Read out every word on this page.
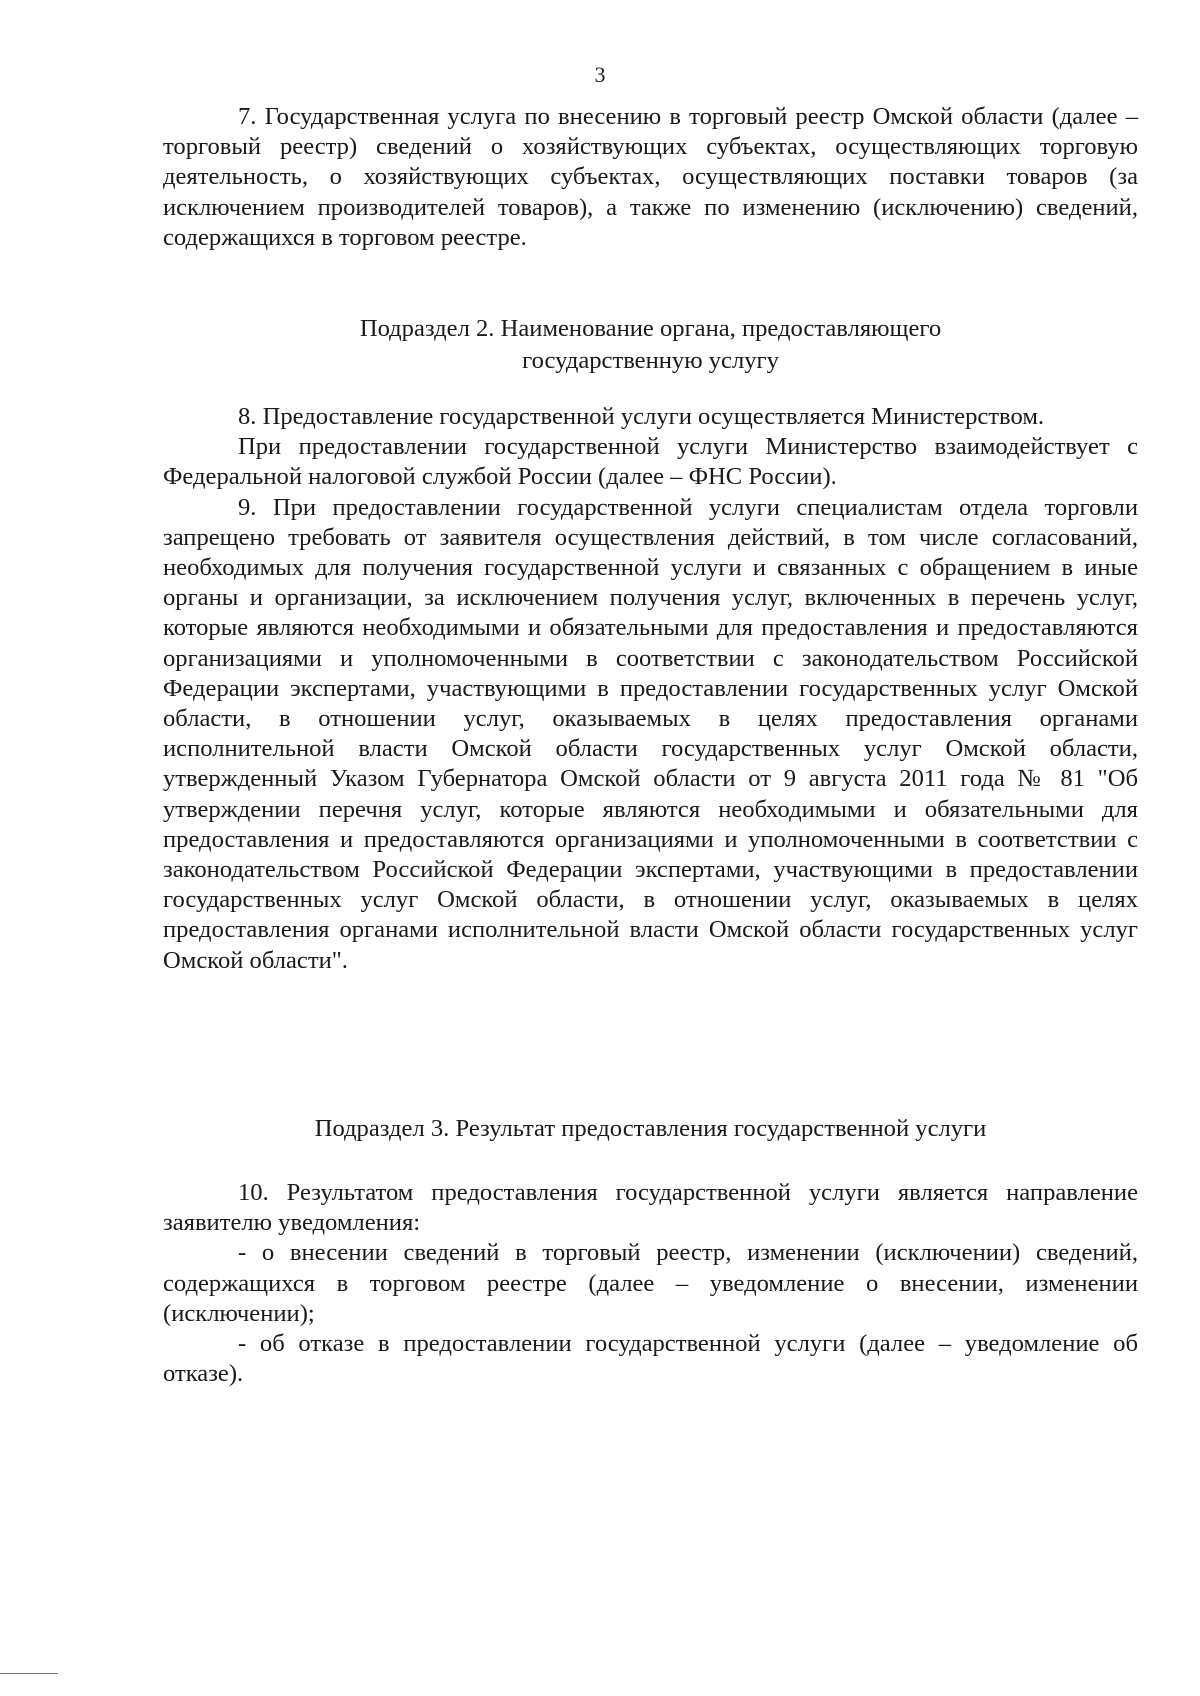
3

7. Государственная услуга по внесению в торговый реестр Омской области (далее – торговый реестр) сведений о хозяйствующих субъектах, осуществляющих торговую деятельность, о хозяйствующих субъектах, осуществляющих поставки товаров (за исключением производителей товаров), а также по изменению (исключению) сведений, содержащихся в торговом реестре.

Подраздел 2. Наименование органа, предоставляющего
государственную услугу

8. Предоставление государственной услуги осуществляется Министерством.

При предоставлении государственной услуги Министерство взаимодействует с Федеральной налоговой службой России (далее – ФНС России).

9. При предоставлении государственной услуги специалистам отдела торговли запрещено требовать от заявителя осуществления действий, в том числе согласований, необходимых для получения государственной услуги и связанных с обращением в иные органы и организации, за исключением получения услуг, включенных в перечень услуг, которые являются необходимыми и обязательными для предоставления и предоставляются организациями и уполномоченными в соответствии с законодательством Российской Федерации экспертами, участвующими в предоставлении государственных услуг Омской области, в отношении услуг, оказываемых в целях предоставления органами исполнительной власти Омской области государственных услуг Омской области, утвержденный Указом Губернатора Омской области от 9 августа 2011 года № 81 "Об утверждении перечня услуг, которые являются необходимыми и обязательными для предоставления и предоставляются организациями и уполномоченными в соответствии с законодательством Российской Федерации экспертами, участвующими в предоставлении государственных услуг Омской области, в отношении услуг, оказываемых в целях предоставления органами исполнительной власти Омской области государственных услуг Омской области".

Подраздел 3. Результат предоставления государственной услуги

10. Результатом предоставления государственной услуги является направление заявителю уведомления:

- о внесении сведений в торговый реестр, изменении (исключении) сведений, содержащихся в торговом реестре (далее – уведомление о внесении, изменении (исключении);

- об отказе в предоставлении государственной услуги (далее – уведомление об отказе).
